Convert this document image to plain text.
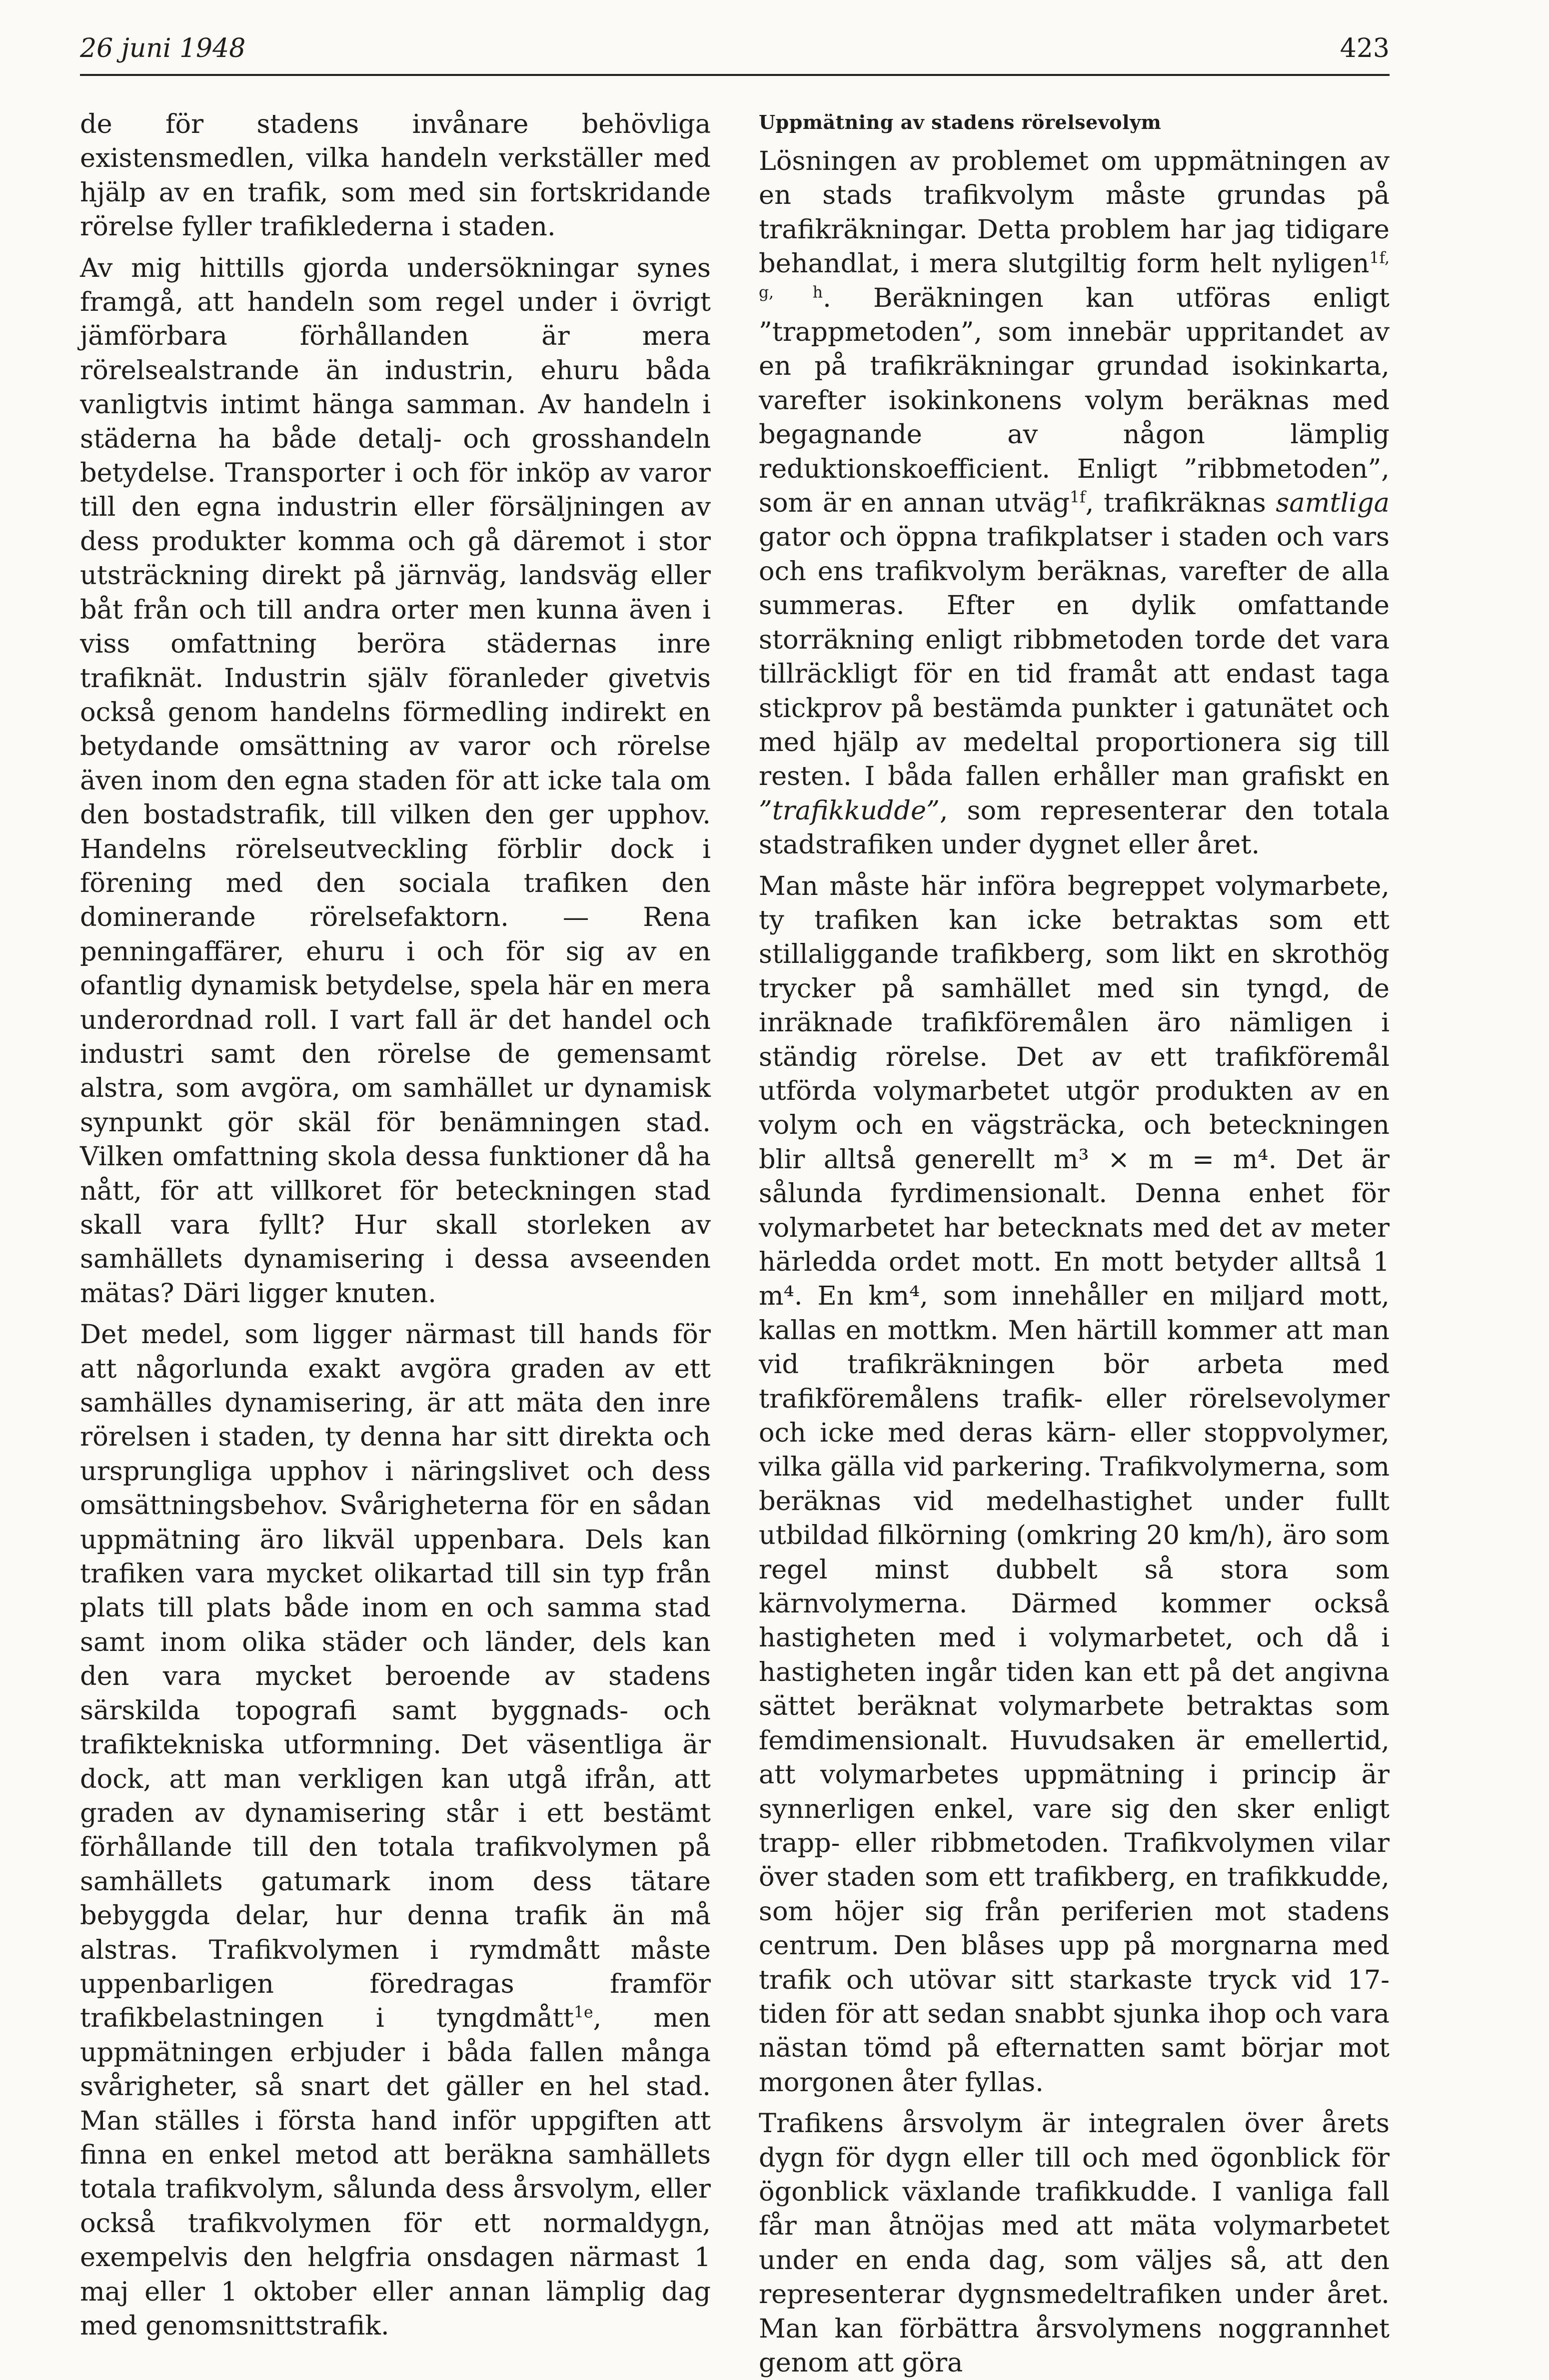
26 juni 1948	423

de för stadens invånare behövliga existensmedlen, vilka handeln verkställer med hjälp av en trafik, som med sin fortskridande rörelse fyller trafiklederna i staden.

Av mig hittills gjorda undersökningar synes framgå, att handeln som regel under i övrigt jämförbara förhållanden är mera rörelsealstrande än industrin, ehuru båda vanligtvis intimt hänga samman. Av handeln i städerna ha både detalj- och grosshandeln betydelse. Transporter i och för inköp av varor till den egna industrin eller försäljningen av dess produkter komma och gå däremot i stor utsträckning direkt på järnväg, landsväg eller båt från och till andra orter men kunna även i viss omfattning beröra städernas inre trafiknät. Industrin själv föranleder givetvis också genom handelns förmedling indirekt en betydande omsättning av varor och rörelse även inom den egna staden för att icke tala om den bostadstrafik, till vilken den ger upphov. Handelns rörelseutveckling förblir dock i förening med den sociala trafiken den dominerande rörelsefaktorn. — Rena penningaffärer, ehuru i och för sig av en ofantlig dynamisk betydelse, spela här en mera underordnad roll. I vart fall är det handel och industri samt den rörelse de gemensamt alstra, som avgöra, om samhället ur dynamisk synpunkt gör skäl för benämningen stad. Vilken omfattning skola dessa funktioner då ha nått, för att villkoret för beteckningen stad skall vara fyllt? Hur skall storleken av samhällets dynamisering i dessa avseenden mätas? Däri ligger knuten.

Det medel, som ligger närmast till hands för att någorlunda exakt avgöra graden av ett samhälles dynamisering, är att mäta den inre rörelsen i staden, ty denna har sitt direkta och ursprungliga upphov i näringslivet och dess omsättningsbehov. Svårigheterna för en sådan uppmätning äro likväl uppenbara. Dels kan trafiken vara mycket olikartad till sin typ från plats till plats både inom en och samma stad samt inom olika städer och länder, dels kan den vara mycket beroende av stadens särskilda topografi samt byggnads- och trafiktekniska utformning. Det väsentliga är dock, att man verkligen kan utgå ifrån, att graden av dynamisering står i ett bestämt förhållande till den totala trafikvolymen på samhällets gatumark inom dess tätare bebyggda delar, hur denna trafik än må alstras. Trafikvolymen i rymdmått måste uppenbarligen föredragas framför trafikbelastningen i tyngdmått$^{1e}$, men uppmätningen erbjuder i båda fallen många svårigheter, så snart det gäller en hel stad. Man ställes i första hand inför uppgiften att finna en enkel metod att beräkna samhällets totala trafikvolym, sålunda dess årsvolym, eller också trafikvolymen för ett normaldygn, exempelvis den helgfria onsdagen närmast 1 maj eller 1 oktober eller annan lämplig dag med genomsnittstrafik.

Uppmätning av stadens rörelsevolym

Lösningen av problemet om uppmätningen av en stads trafikvolym måste grundas på trafikräkningar. Detta problem har jag tidigare behandlat, i mera slutgiltig form helt nyligen$^{1f, g, h}$. Beräkningen kan utföras enligt ”trappmetoden”, som innebär uppritandet av en på trafikräkningar grundad isokinkarta, varefter isokinkonens volym beräknas med begagnande av någon lämplig reduktionskoefficient. Enligt ”ribbmetoden”, som är en annan utväg$^{1f}$, trafikräknas samtliga gator och öppna trafikplatser i staden och vars och ens trafikvolym beräknas, varefter de alla summeras. Efter en dylik omfattande storräkning enligt ribbmetoden torde det vara tillräckligt för en tid framåt att endast taga stickprov på bestämda punkter i gatunätet och med hjälp av medeltal proportionera sig till resten. I båda fallen erhåller man grafiskt en ”trafikkudde”, som representerar den totala stadstrafiken under dygnet eller året.

Man måste här införa begreppet volymarbete, ty trafiken kan icke betraktas som ett stillaliggande trafikberg, som likt en skrothög trycker på samhället med sin tyngd, de inräknade trafikföremålen äro nämligen i ständig rörelse. Det av ett trafikföremål utförda volymarbetet utgör produkten av en volym och en vägsträcka, och beteckningen blir alltså generellt m³ × m = m⁴. Det är sålunda fyrdimensionalt. Denna enhet för volymarbetet har betecknats med det av meter härledda ordet mott. En mott betyder alltså 1 m⁴. En km⁴, som innehåller en miljard mott, kallas en mottkm. Men härtill kommer att man vid trafikräkningen bör arbeta med trafikföremålens trafik- eller rörelsevolymer och icke med deras kärn- eller stoppvolymer, vilka gälla vid parkering. Trafikvolymerna, som beräknas vid medelhastighet under fullt utbildad filkörning (omkring 20 km/h), äro som regel minst dubbelt så stora som kärnvolymerna. Därmed kommer också hastigheten med i volymarbetet, och då i hastigheten ingår tiden kan ett på det angivna sättet beräknat volymarbete betraktas som femdimensionalt. Huvudsaken är emellertid, att volymarbetes uppmätning i princip är synnerligen enkel, vare sig den sker enligt trapp- eller ribbmetoden. Trafikvolymen vilar över staden som ett trafikberg, en trafikkudde, som höjer sig från periferien mot stadens centrum. Den blåses upp på morgnarna med trafik och utövar sitt starkaste tryck vid 17-tiden för att sedan snabbt sjunka ihop och vara nästan tömd på efternatten samt börjar mot morgonen åter fyllas.

Trafikens årsvolym är integralen över årets dygn för dygn eller till och med ögonblick för ögonblick växlande trafikkudde. I vanliga fall får man åtnöjas med att mäta volymarbetet under en enda dag, som väljes så, att den representerar dygnsmedeltrafiken under året. Man kan förbättra årsvolymens noggrannhet genom att göra
